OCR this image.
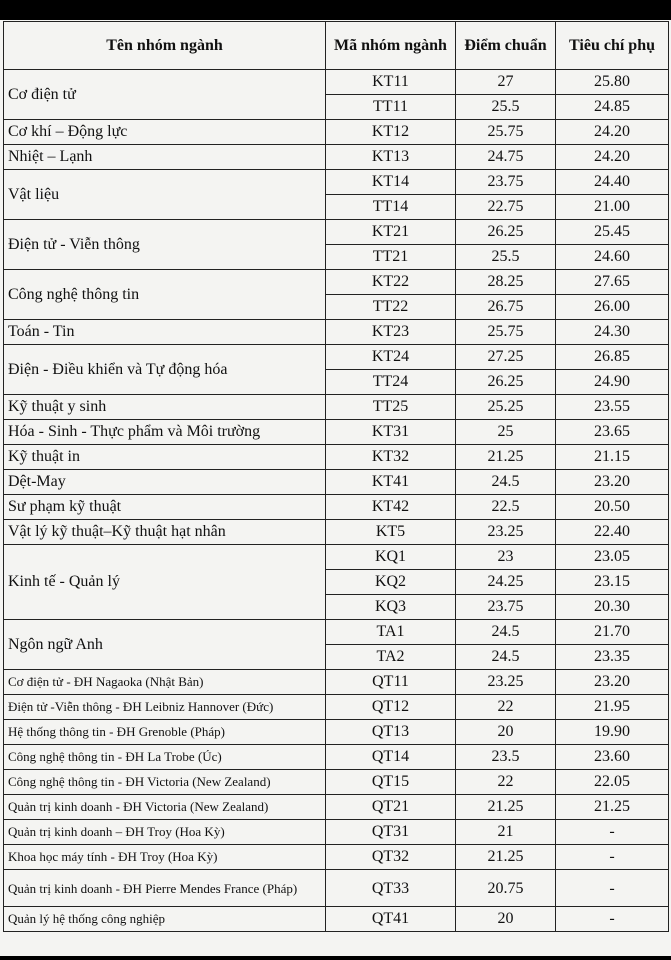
Tên nhóm ngành	Mã nhóm ngành	Điểm chuẩn	Tiêu chí phụ
Cơ điện tử	KT11	27	25.80
	TT11	25.5	24.85
Cơ khí – Động lực	KT12	25.75	24.20
Nhiệt – Lạnh	KT13	24.75	24.20
Vật liệu	KT14	23.75	24.40
	TT14	22.75	21.00
Điện tử - Viễn thông	KT21	26.25	25.45
	TT21	25.5	24.60
Công nghệ thông tin	KT22	28.25	27.65
	TT22	26.75	26.00
Toán - Tin	KT23	25.75	24.30
Điện - Điều khiển và Tự động hóa	KT24	27.25	26.85
	TT24	26.25	24.90
Kỹ thuật y sinh	TT25	25.25	23.55
Hóa - Sinh - Thực phẩm và Môi trường	KT31	25	23.65
Kỹ thuật in	KT32	21.25	21.15
Dệt-May	KT41	24.5	23.20
Sư phạm kỹ thuật	KT42	22.5	20.50
Vật lý kỹ thuật–Kỹ thuật hạt nhân	KT5	23.25	22.40
Kinh tế - Quản lý	KQ1	23	23.05
	KQ2	24.25	23.15
	KQ3	23.75	20.30
Ngôn ngữ Anh	TA1	24.5	21.70
	TA2	24.5	23.35
Cơ điện tử - ĐH Nagaoka (Nhật Bản)	QT11	23.25	23.20
Điện tử -Viễn thông - ĐH Leibniz Hannover (Đức)	QT12	22	21.95
Hệ thống thông tin - ĐH Grenoble (Pháp)	QT13	20	19.90
Công nghệ thông tin - ĐH La Trobe (Úc)	QT14	23.5	23.60
Công nghệ thông tin - ĐH Victoria (New Zealand)	QT15	22	22.05
Quản trị kinh doanh - ĐH Victoria (New Zealand)	QT21	21.25	21.25
Quản trị kinh doanh – ĐH Troy (Hoa Kỳ)	QT31	21	-
Khoa học máy tính - ĐH Troy (Hoa Kỳ)	QT32	21.25	-
Quản trị kinh doanh - ĐH Pierre Mendes France (Pháp)	QT33	20.75	-
Quản lý hệ thống công nghiệp	QT41	20	-
